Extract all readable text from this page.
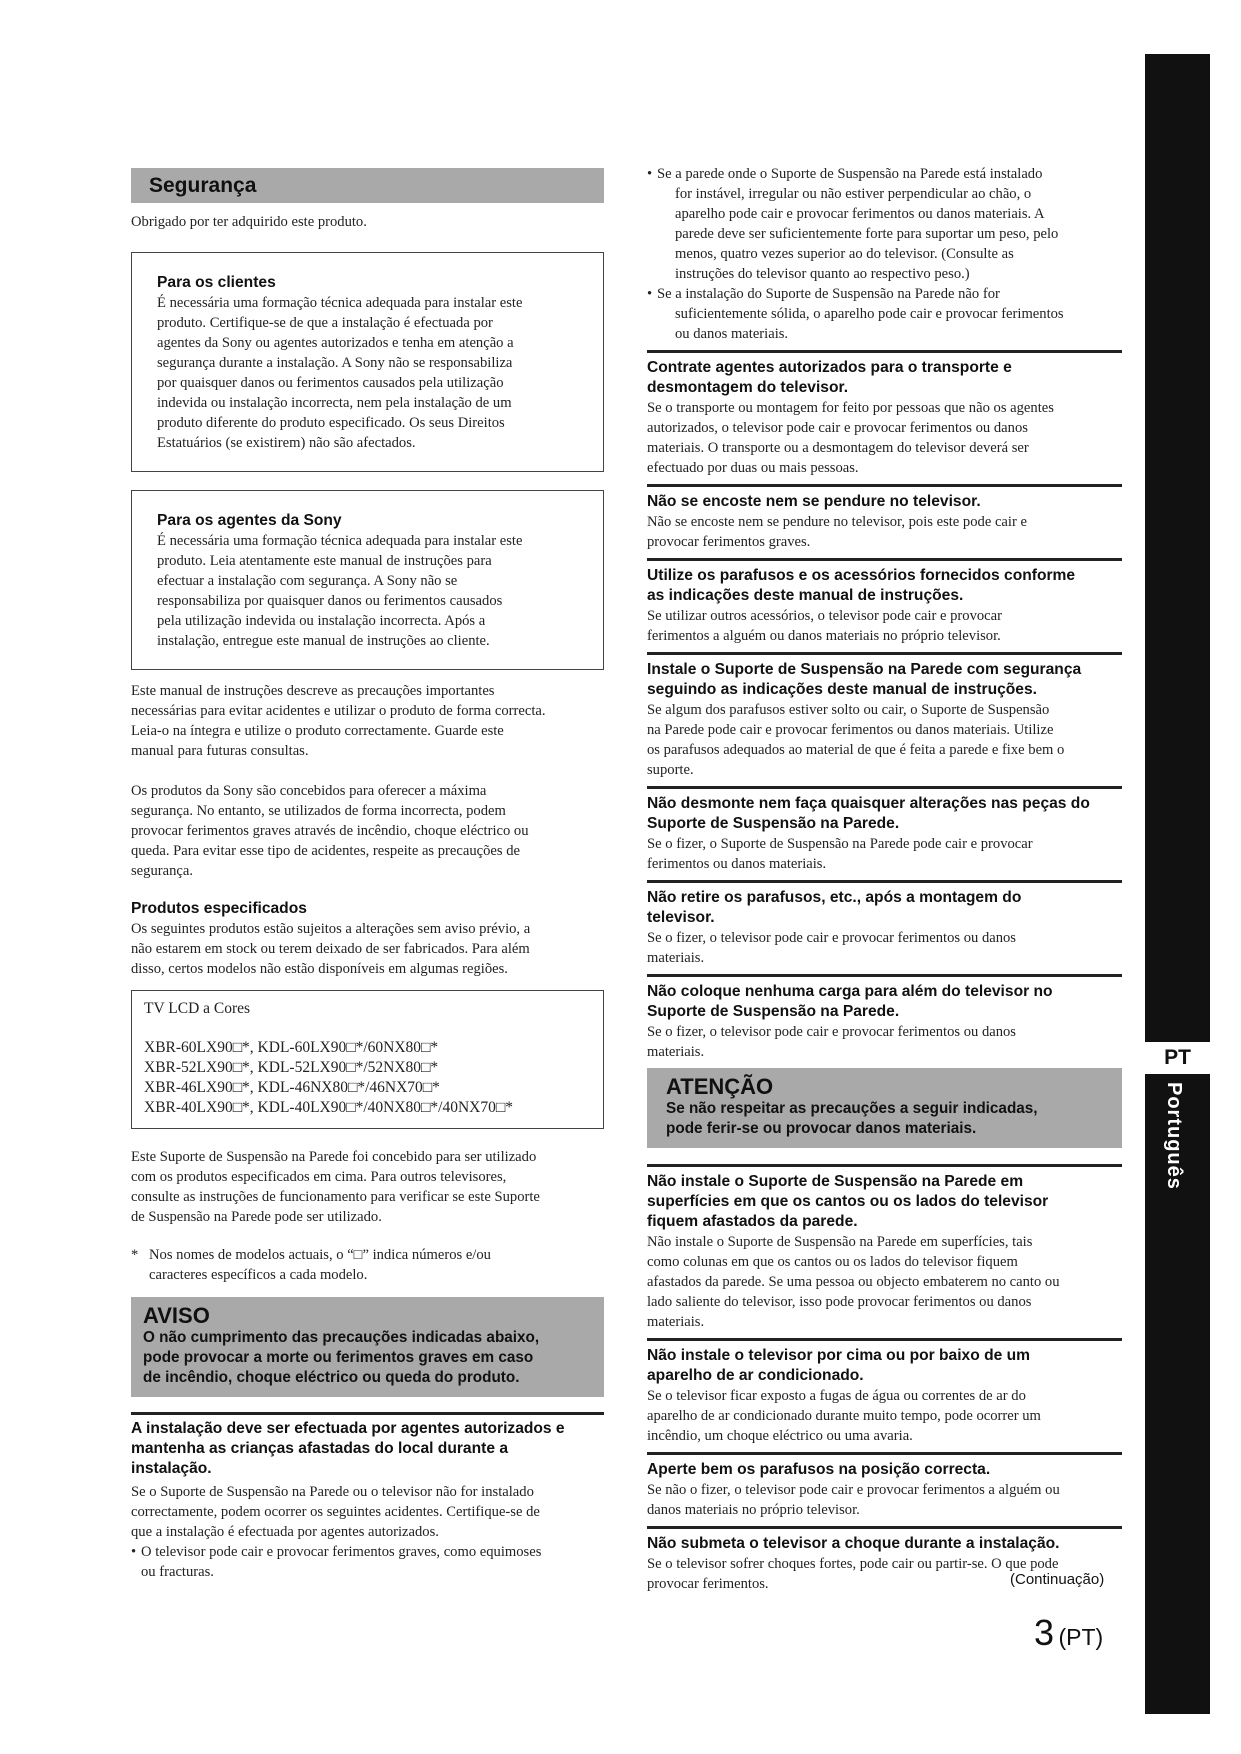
PT
Português
Segurança

Obrigado por ter adquirido este produto.

Para os clientes

É necessária uma formação técnica adequada para instalar este

produto. Certifique-se de que a instalação é efectuada por

agentes da Sony ou agentes autorizados e tenha em atenção a

segurança durante a instalação. A Sony não se responsabiliza

por quaisquer danos ou ferimentos causados pela utilização

indevida ou instalação incorrecta, nem pela instalação de um

produto diferente do produto especificado. Os seus Direitos

Estatuários (se existirem) não são afectados.

Para os agentes da Sony

É necessária uma formação técnica adequada para instalar este

produto. Leia atentamente este manual de instruções para

efectuar a instalação com segurança. A Sony não se

responsabiliza por quaisquer danos ou ferimentos causados

pela utilização indevida ou instalação incorrecta. Após a

instalação, entregue este manual de instruções ao cliente.

Este manual de instruções descreve as precauções importantes

necessárias para evitar acidentes e utilizar o produto de forma correcta.

Leia-o na íntegra e utilize o produto correctamente. Guarde este

manual para futuras consultas.

Os produtos da Sony são concebidos para oferecer a máxima

segurança. No entanto, se utilizados de forma incorrecta, podem

provocar ferimentos graves através de incêndio, choque eléctrico ou

queda. Para evitar esse tipo de acidentes, respeite as precauções de

segurança.

Produtos especificados

Os seguintes produtos estão sujeitos a alterações sem aviso prévio, a

não estarem em stock ou terem deixado de ser fabricados. Para além

disso, certos modelos não estão disponíveis em algumas regiões.

TV LCD a Cores
XBR-60LX90□*, KDL-60LX90□*/60NX80□*
XBR-52LX90□*, KDL-52LX90□*/52NX80□*
XBR-46LX90□*, KDL-46NX80□*/46NX70□*
XBR-40LX90□*, KDL-40LX90□*/40NX80□*/40NX70□*

Este Suporte de Suspensão na Parede foi concebido para ser utilizado

com os produtos especificados em cima. Para outros televisores,

consulte as instruções de funcionamento para verificar se este Suporte

de Suspensão na Parede pode ser utilizado.

* Nos nomes de modelos actuais, o “□” indica números e/ou

caracteres específicos a cada modelo.

AVISO
O não cumprimento das precauções indicadas abaixo,
pode provocar a morte ou ferimentos graves em caso
de incêndio, choque eléctrico ou queda do produto.
A instalação deve ser efectuada por agentes autorizados e
mantenha as crianças afastadas do local durante a
instalação.

Se o Suporte de Suspensão na Parede ou o televisor não for instalado

correctamente, podem ocorrer os seguintes acidentes. Certifique-se de

que a instalação é efectuada por agentes autorizados.

• O televisor pode cair e provocar ferimentos graves, como equimoses

ou fracturas.

• Se a parede onde o Suporte de Suspensão na Parede está instalado
for instável, irregular ou não estiver perpendicular ao chão, o
aparelho pode cair e provocar ferimentos ou danos materiais. A
parede deve ser suficientemente forte para suportar um peso, pelo
menos, quatro vezes superior ao do televisor. (Consulte as
instruções do televisor quanto ao respectivo peso.)
• Se a instalação do Suporte de Suspensão na Parede não for
suficientemente sólida, o aparelho pode cair e provocar ferimentos
ou danos materiais.
Contrate agentes autorizados para o transporte e
desmontagem do televisor.

Se o transporte ou montagem for feito por pessoas que não os agentes

autorizados, o televisor pode cair e provocar ferimentos ou danos

materiais. O transporte ou a desmontagem do televisor deverá ser

efectuado por duas ou mais pessoas.

Não se encoste nem se pendure no televisor.

Não se encoste nem se pendure no televisor, pois este pode cair e

provocar ferimentos graves.

Utilize os parafusos e os acessórios fornecidos conforme
as indicações deste manual de instruções.

Se utilizar outros acessórios, o televisor pode cair e provocar

ferimentos a alguém ou danos materiais no próprio televisor.

Instale o Suporte de Suspensão na Parede com segurança
seguindo as indicações deste manual de instruções.

Se algum dos parafusos estiver solto ou cair, o Suporte de Suspensão

na Parede pode cair e provocar ferimentos ou danos materiais. Utilize

os parafusos adequados ao material de que é feita a parede e fixe bem o

suporte.

Não desmonte nem faça quaisquer alterações nas peças do
Suporte de Suspensão na Parede.

Se o fizer, o Suporte de Suspensão na Parede pode cair e provocar

ferimentos ou danos materiais.

Não retire os parafusos, etc., após a montagem do
televisor.

Se o fizer, o televisor pode cair e provocar ferimentos ou danos

materiais.

Não coloque nenhuma carga para além do televisor no
Suporte de Suspensão na Parede.

Se o fizer, o televisor pode cair e provocar ferimentos ou danos

materiais.

ATENÇÃO
Se não respeitar as precauções a seguir indicadas,
pode ferir-se ou provocar danos materiais.
Não instale o Suporte de Suspensão na Parede em
superfícies em que os cantos ou os lados do televisor
fiquem afastados da parede.

Não instale o Suporte de Suspensão na Parede em superfícies, tais

como colunas em que os cantos ou os lados do televisor fiquem

afastados da parede. Se uma pessoa ou objecto embaterem no canto ou

lado saliente do televisor, isso pode provocar ferimentos ou danos

materiais.

Não instale o televisor por cima ou por baixo de um
aparelho de ar condicionado.

Se o televisor ficar exposto a fugas de água ou correntes de ar do

aparelho de ar condicionado durante muito tempo, pode ocorrer um

incêndio, um choque eléctrico ou uma avaria.

Aperte bem os parafusos na posição correcta.

Se não o fizer, o televisor pode cair e provocar ferimentos a alguém ou

danos materiais no próprio televisor.

Não submeta o televisor a choque durante a instalação.

Se o televisor sofrer choques fortes, pode cair ou partir-se. O que pode

provocar ferimentos.	(Continuação)
3 (PT)
